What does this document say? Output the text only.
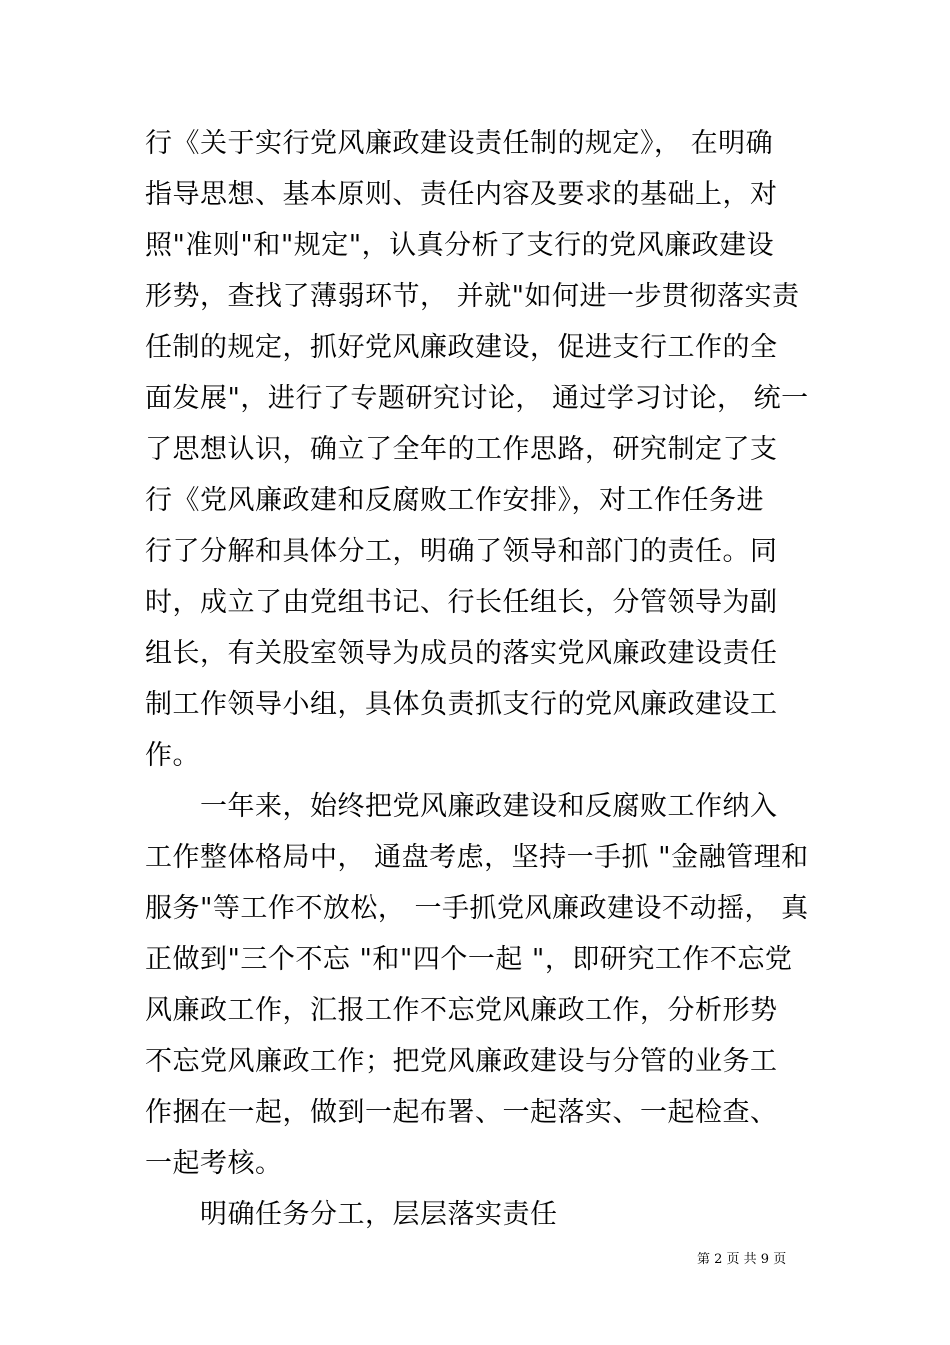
行《关于实行党风廉政建设责任制的规定》， 在明确
指导思想、基本原则、责任内容及要求的基础上，对
照"准则"和"规定"，认真分析了支行的党风廉政建设
形势，查找了薄弱环节， 并就"如何进一步贯彻落实责
任制的规定，抓好党风廉政建设，促进支行工作的全
面发展"，进行了专题研究讨论， 通过学习讨论， 统一
了思想认识，确立了全年的工作思路，研究制定了支
行《党风廉政建和反腐败工作安排》，对工作任务进
行了分解和具体分工，明确了领导和部门的责任。同
时，成立了由党组书记、行长任组长，分管领导为副
组长，有关股室领导为成员的落实党风廉政建设责任
制工作领导小组，具体负责抓支行的党风廉政建设工
作。
一年来，始终把党风廉政建设和反腐败工作纳入
工作整体格局中， 通盘考虑，坚持一手抓 "金融管理和
服务"等工作不放松， 一手抓党风廉政建设不动摇， 真
正做到"三个不忘 "和"四个一起 "，即研究工作不忘党
风廉政工作，汇报工作不忘党风廉政工作，分析形势
不忘党风廉政工作；把党风廉政建设与分管的业务工
作捆在一起，做到一起布署、一起落实、一起检查、
一起考核。
明确任务分工，层层落实责任
第 2 页 共 9 页
